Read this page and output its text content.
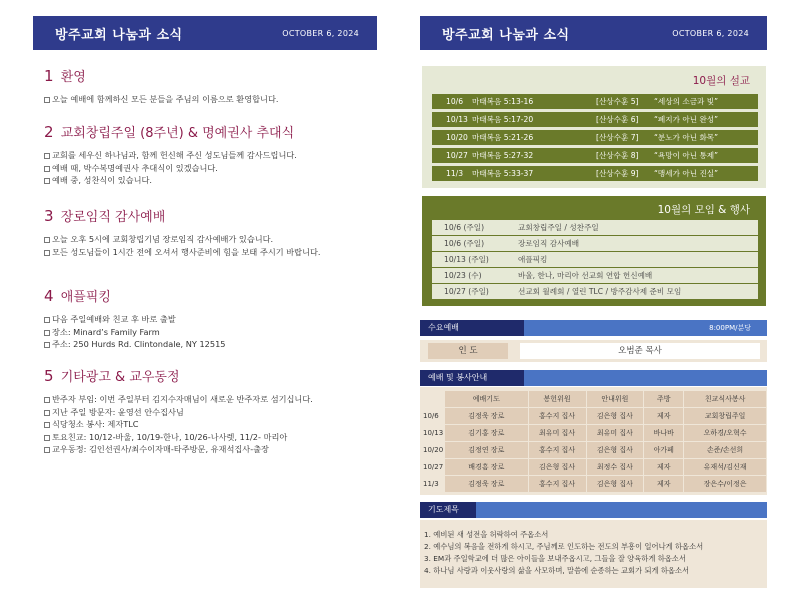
방주교회 나눔과 소식	OCTOBER 6, 2024
1 환영
오늘 예배에 함께하신 모든 분들을 주님의 이름으로 환영합니다.
2 교회창립주일 (8주년) & 명예권사 추대식
교회를 세우신 하나님과, 함께 헌신해 주신 성도님들께 감사드립니다.
예배 때, 박수복명예권사 추대식이 있겠습니다.
예배 중, 성찬식이 있습니다.
3 장로임직 감사예배
오늘 오후 5시에 교회창립기념 장로임직 감사예배가 있습니다.
모든 성도님들이 1시간 전에 오셔서 행사준비에 힘을 보태 주시기 바랍니다.
4 애플픽킹
다음 주일예배와 친교 후 바로 출발
장소: Minard’s Family Farm
주소: 250 Hurds Rd. Clintondale, NY 12515
5 기타광고 & 교우동정
반주자 부임: 이번 주일부터 김지수자매님이 새로운 반주자로 섬기십니다.
지난 주일 방문자: 윤영선 안수집사님
식당청소 봉사: 제자TLC
토요친교: 10/12-바울, 10/19-한나, 10/26-나사렛, 11/2- 마리아
교우동정: 김인선권사/최수이자매-타주방문, 유재석집사-출장
방주교회 나눔과 소식	OCTOBER 6, 2024
10월의 설교
10/6 마태복음 5:13-16	[산상수훈 5] “세상의 소금과 빛”
10/13 마태복음 5:17-20	[산상수훈 6] “폐지가 아닌 완성”
10/20 마태복음 5:21-26	[산상수훈 7] “분노가 아닌 화목”
10/27 마태복음 5:27-32	[산상수훈 8] “욕망이 아닌 통제”
11/3 마태복음 5:33-37	[산상수훈 9] “맹세가 아닌 진실”
10월의 모임 & 행사
10/6 (주일)	교회창립주일 / 성찬주일
10/6 (주일)	장로임직 감사예배
10/13 (주일)	애플픽킹
10/23 (수)	바울, 한나, 마리아 선교회 연합 헌신예배
10/27 (주일)	선교회 월례회 / 열린 TLC / 방주감사제 준비 모임
수요예배	8:00PM/분당
인 도	오범준 목사
예배 및 봉사안내
	예배기도	봉헌위원	안내위원	주방	친교식사봉사
10/6	김정욱 장로	홍수지 집사	김은형 집사	제자	교회창립주일
10/13	김기홍 장로	최유미 집사	최유미 집사	바나바	오하경/오혁수
10/20	김정연 장로	홍수지 집사	김은형 집사	아가페	손준/손선희
10/27	배경흠 장로	김은형 집사	최정수 집사	제자	유재석/김신재
11/3	김정욱 장로	홍수지 집사	김은형 집사	제자	장은수/이정은
기도제목
1. 예비된 새 성전을 허락하여 주옵소서
2. 예수님의 복음을 전하게 하시고, 주님께로 인도하는 전도의 부흥이 일어나게 하옵소서
3. EM과 주일학교에 더 많은 아이들을 보내주옵시고, 그들을 잘 양육하게 하옵소서
4. 하나님 사랑과 이웃사랑의 삶을 사모하며, 말씀에 순종하는 교회가 되게 하옵소서
